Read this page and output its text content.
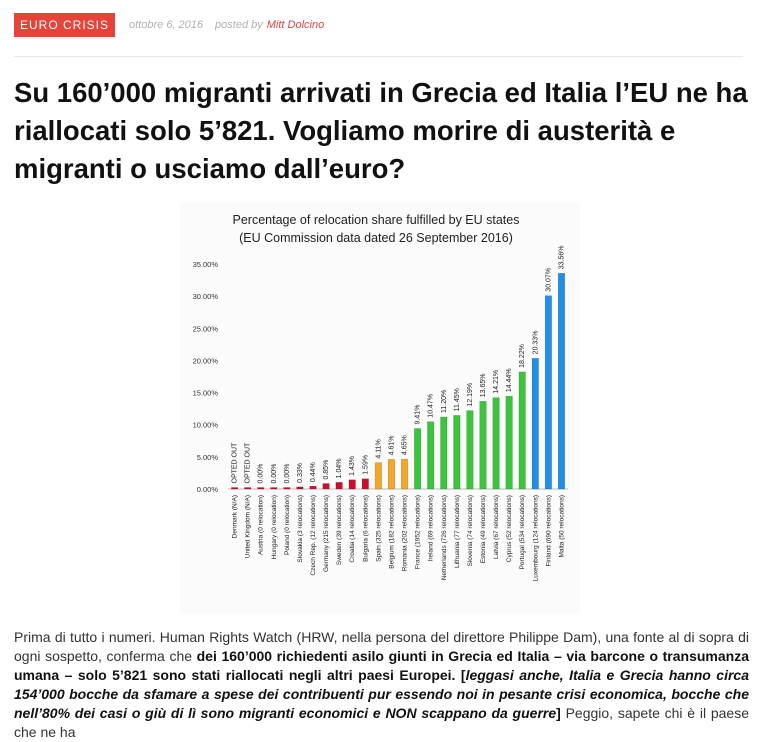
EURO CRISIS	ottobre 6, 2016 posted by Mitt Dolcino
Su 160’000 migranti arrivati in Grecia ed Italia l’EU ne ha riallocati solo 5’821. Vogliamo morire di austerità e migranti o usciamo dall’euro?
Percentage of relocation share fulfilled by EU states
(EU Commission data dated 26 September 2016)
0.00%
5.00%
10.00%
15.00%
20.00%
25.00%
30.00%
35.00%
OPTED OUT OPTED OUT 0.00% 0.00% 0.00% 0.33% 0.44% 0.85% 1.04% 1.43% 1.59%
4.11% 4.61% 4.65%
9.41% 10.47% 11.20% 11.45% 12.19% 13.65% 14.21% 14.44%
18.22%
20.33%
30.07%
33.56%
Denmark (N/A) United Kingdom (N/A) Austria (0 relocation) Hungary (0 relocation) Poland (0 relocation) Slovakia (3 relocations) Czech Rep. (12 relocations) Germany (215 relocations) Sweden (39 relocations) Croatia (14 relocations) Bulgaria (6 relocations) Spain (325 relocations) Belgium (182 relocations) Romania (202 relocations) France (1952 relocations) Ireland (69 relocations) Netherlands (726 relocations) Lithuania (77 relocations) Slovenia (74 relocations) Estonia (49 relocations) Latvia (67 relocations) Cyprus (52 relocations) Portugal (534 relocations) Luxembourg (124 relocations) Finland (690 relocations) Malta (50 relocations)

Prima di tutto i numeri. Human Rights Watch (HRW, nella persona del direttore Philippe Dam), una fonte al di sopra di ogni sospetto, conferma che dei 160’000 richiedenti asilo giunti in Grecia ed Italia – via barcone o transumanza umana – solo 5’821 sono stati riallocati negli altri paesi Europei. [leggasi anche, Italia e Grecia hanno circa 154’000 bocche da sfamare a spese dei contribuenti pur essendo noi in pesante crisi economica, bocche che nell’80% dei casi o giù di lì sono migranti economici e NON scappano da guerre] Peggio, sapete chi è il paese che ne ha
